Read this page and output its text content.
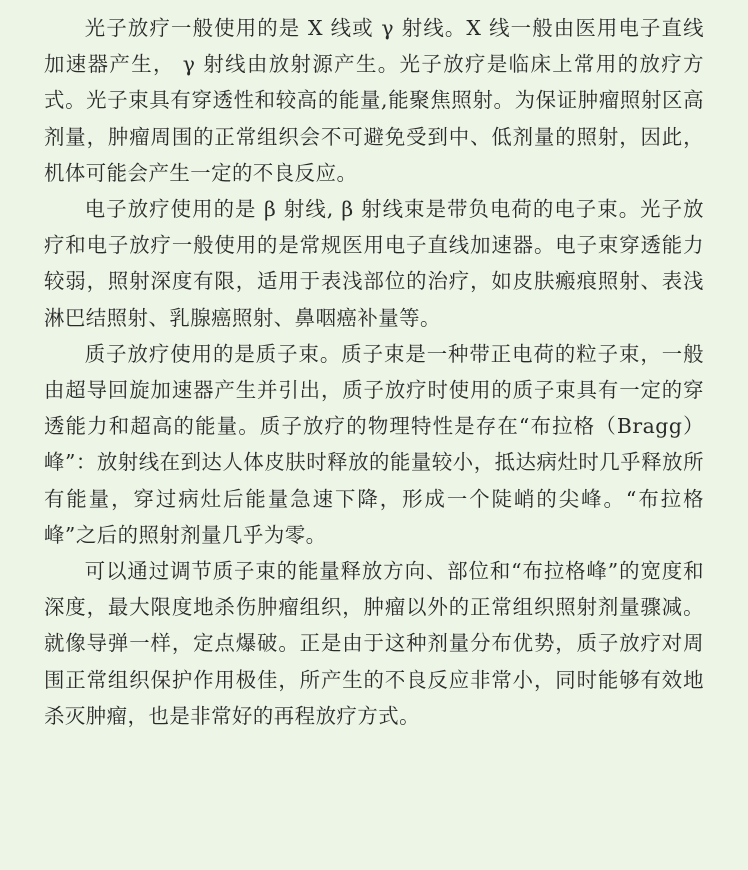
光子放疗一般使用的是 X 线或 γ 射线。X 线一般由医用电子直线加速器产生， γ 射线由放射源产生。光子放疗是临床上常用的放疗方式。光子束具有穿透性和较高的能量,能聚焦照射。为保证肿瘤照射区高剂量，肿瘤周围的正常组织会不可避免受到中、低剂量的照射，因此，机体可能会产生一定的不良反应。

电子放疗使用的是 β 射线, β 射线束是带负电荷的电子束。光子放疗和电子放疗一般使用的是常规医用电子直线加速器。电子束穿透能力较弱，照射深度有限，适用于表浅部位的治疗，如皮肤瘢痕照射、表浅淋巴结照射、乳腺癌照射、鼻咽癌补量等。

质子放疗使用的是质子束。质子束是一种带正电荷的粒子束，一般由超导回旋加速器产生并引出，质子放疗时使用的质子束具有一定的穿透能力和超高的能量。质子放疗的物理特性是存在“布拉格（Bragg）峰”：放射线在到达人体皮肤时释放的能量较小，抵达病灶时几乎释放所有能量，穿过病灶后能量急速下降，形成一个陡峭的尖峰。“布拉格峰”之后的照射剂量几乎为零。

可以通过调节质子束的能量释放方向、部位和“布拉格峰”的宽度和深度，最大限度地杀伤肿瘤组织，肿瘤以外的正常组织照射剂量骤减。就像导弹一样，定点爆破。正是由于这种剂量分布优势，质子放疗对周围正常组织保护作用极佳，所产生的不良反应非常小，同时能够有效地杀灭肿瘤，也是非常好的再程放疗方式。
